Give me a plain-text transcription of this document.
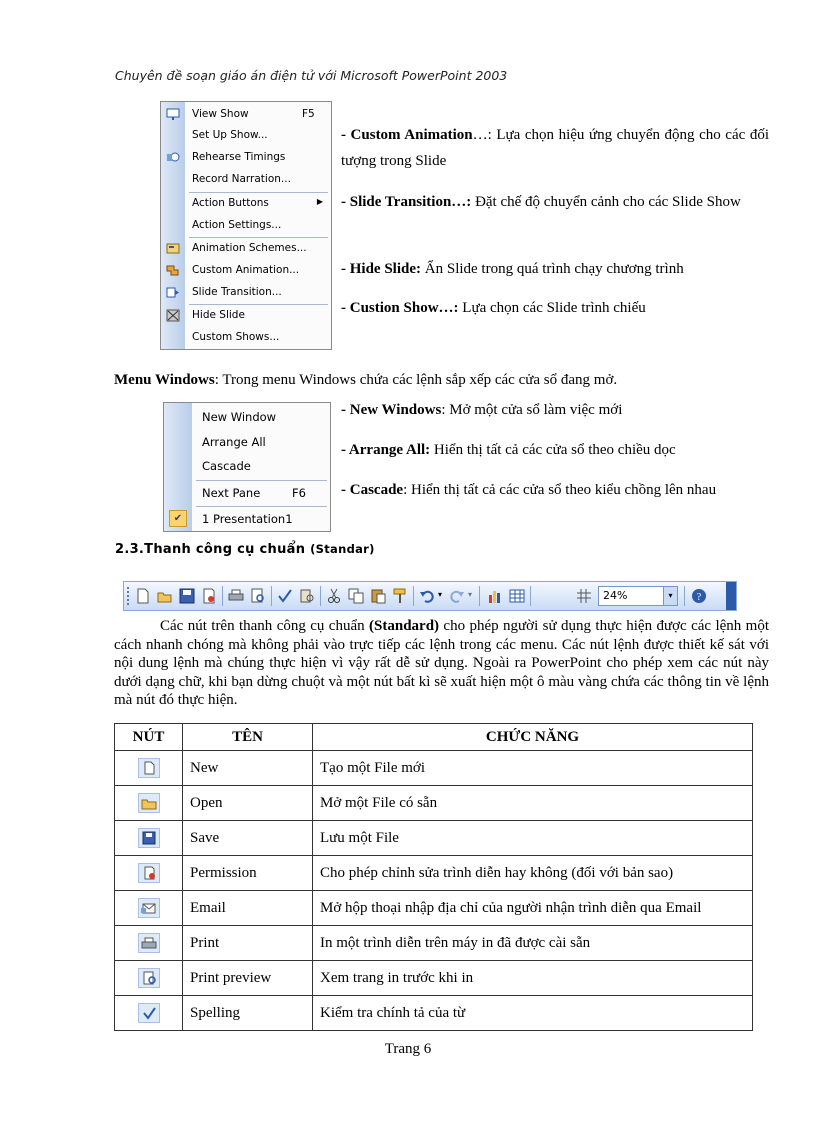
Chuyên đề soạn giáo án điện tử với Microsoft PowerPoint 2003
View Show	F5
Set Up Show...
Rehearse Timings
Record Narration...
Action Buttons	▶
Action Settings...
Animation Schemes...
Custom Animation...
Slide Transition...
Hide Slide
Custom Shows...
- Custom Animation…: Lựa chọn hiệu ứng chuyển động cho các đối tượng trong Slide
- Slide Transition…: Đặt chế độ chuyển cảnh cho các Slide Show
- Hide Slide: Ẩn Slide trong quá trình chạy chương trình
- Custion Show…: Lựa chọn các Slide trình chiếu
Menu Windows: Trong menu Windows chứa các lệnh sắp xếp các cửa sổ đang mở.
New Window
Arrange All
Cascade
Next Pane	F6
✔	1 Presentation1
- New Windows: Mở một cửa sổ làm việc mới
- Arrange All: Hiển thị tất cả các cửa sổ theo chiều dọc
- Cascade: Hiển thị tất cả các cửa sổ theo kiểu chồng lên nhau
2.3.Thanh công cụ chuẩn (Standar)
▾	▾	24%	▾	?
Các nút trên thanh công cụ chuẩn (Standard) cho phép người sử dụng thực hiện được các lệnh một cách nhanh chóng mà không phải vào trực tiếp các lệnh trong các menu. Các nút lệnh được thiết kế sát với nội dung lệnh mà chúng thực hiện vì vậy rất dễ sử dụng. Ngoài ra PowerPoint cho phép xem các nút này dưới dạng chữ, khi bạn dừng chuột và một nút bất kì sẽ xuất hiện một ô màu vàng chứa các thông tin về lệnh mà nút đó thực hiện.
NÚT	TÊN	CHỨC NĂNG
	New	Tạo một File mới
	Open	Mở một File có sẵn
	Save	Lưu một File
	Permission	Cho phép chỉnh sửa trình diễn hay không (đối với bản sao)
	Email	Mở hộp thoại nhập địa chỉ của người nhận trình diễn qua Email
	Print	In một trình diễn trên máy in đã được cài sẵn
	Print preview	Xem trang in trước khi in
	Spelling	Kiểm tra chính tả của từ
Trang 6
